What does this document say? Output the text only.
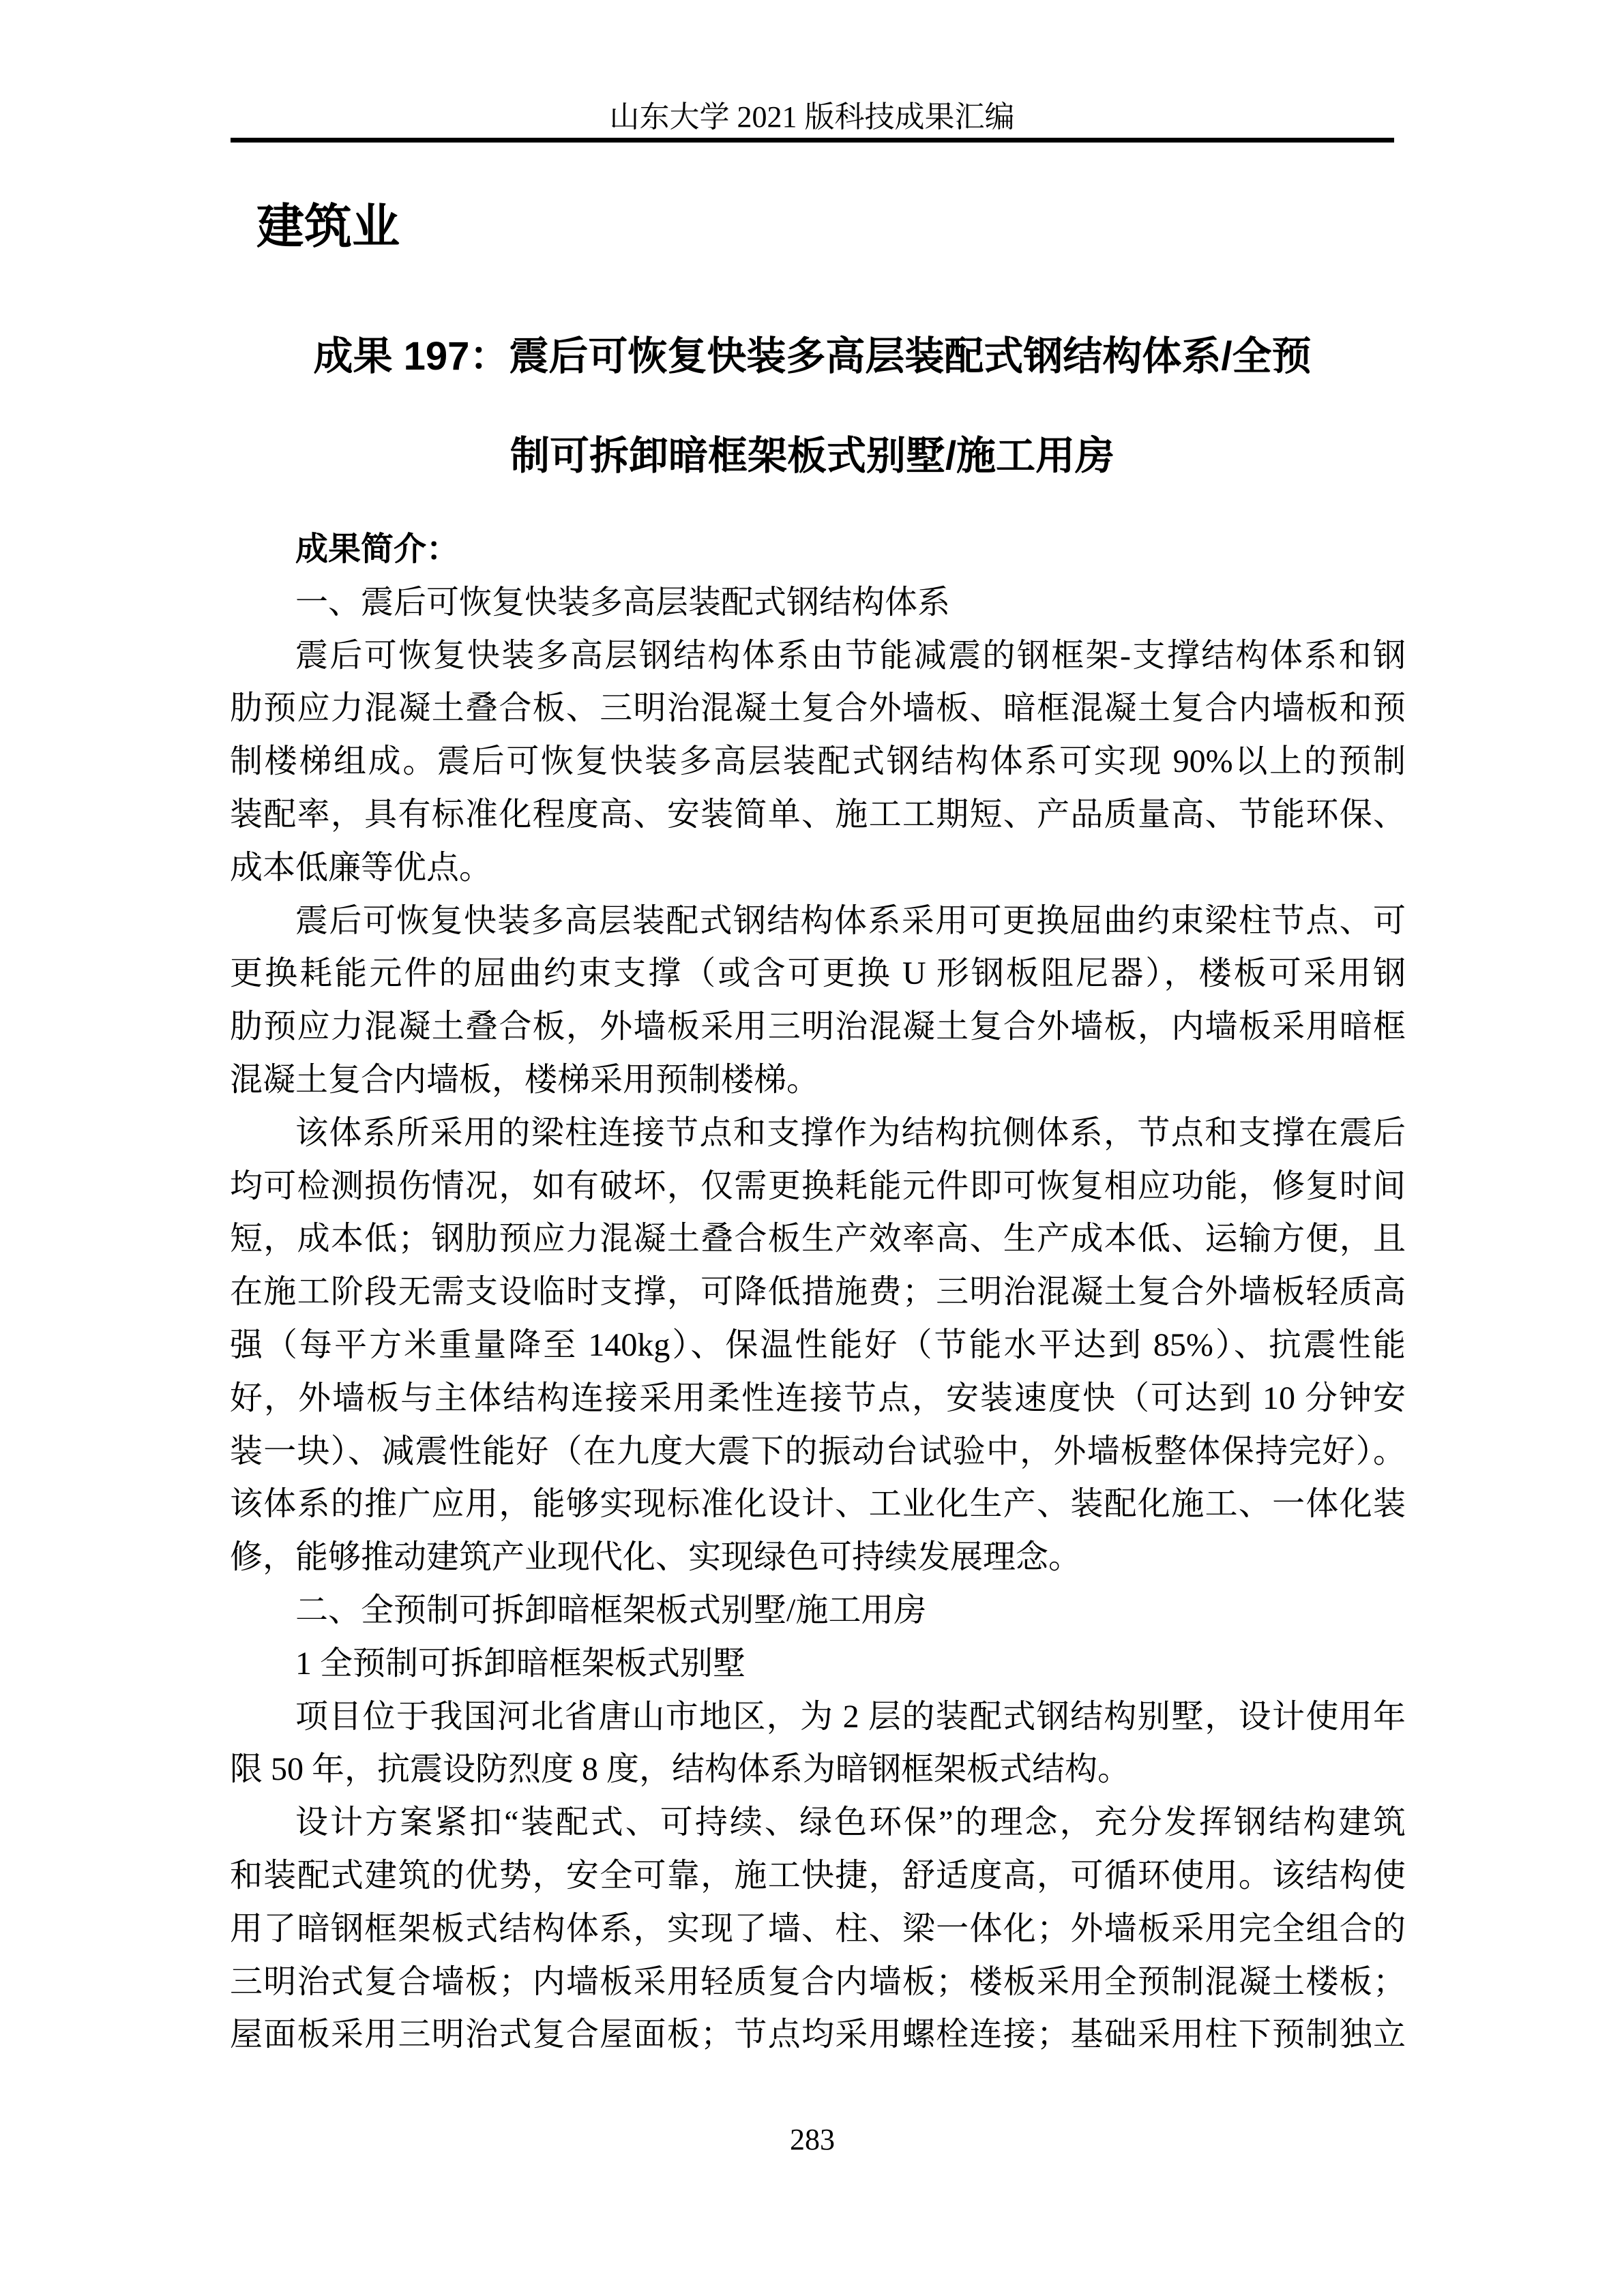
山东大学 2021 版科技成果汇编
建筑业
成果 197：震后可恢复快装多高层装配式钢结构体系/全预
制可拆卸暗框架板式别墅/施工用房
成果简介：
一、震后可恢复快装多高层装配式钢结构体系
震后可恢复快装多高层钢结构体系由节能减震的钢框架-支撑结构体系和钢
肋预应力混凝土叠合板、三明治混凝土复合外墙板、暗框混凝土复合内墙板和预
制楼梯组成。震后可恢复快装多高层装配式钢结构体系可实现 90%以上的预制
装配率，具有标准化程度高、安装简单、施工工期短、产品质量高、节能环保、
成本低廉等优点。
震后可恢复快装多高层装配式钢结构体系采用可更换屈曲约束梁柱节点、可
更换耗能元件的屈曲约束支撑（或含可更换 U 形钢板阻尼器），楼板可采用钢
肋预应力混凝土叠合板，外墙板采用三明治混凝土复合外墙板，内墙板采用暗框
混凝土复合内墙板，楼梯采用预制楼梯。
该体系所采用的梁柱连接节点和支撑作为结构抗侧体系，节点和支撑在震后
均可检测损伤情况，如有破坏，仅需更换耗能元件即可恢复相应功能，修复时间
短，成本低；钢肋预应力混凝土叠合板生产效率高、生产成本低、运输方便，且
在施工阶段无需支设临时支撑，可降低措施费；三明治混凝土复合外墙板轻质高
强（每平方米重量降至 140kg）、保温性能好（节能水平达到 85%）、抗震性能
好，外墙板与主体结构连接采用柔性连接节点，安装速度快（可达到 10 分钟安
装一块）、减震性能好（在九度大震下的振动台试验中，外墙板整体保持完好）。
该体系的推广应用，能够实现标准化设计、工业化生产、装配化施工、一体化装
修，能够推动建筑产业现代化、实现绿色可持续发展理念。
二、全预制可拆卸暗框架板式别墅/施工用房
1 全预制可拆卸暗框架板式别墅
项目位于我国河北省唐山市地区，为 2 层的装配式钢结构别墅，设计使用年
限 50 年，抗震设防烈度 8 度，结构体系为暗钢框架板式结构。
设计方案紧扣“装配式、可持续、绿色环保”的理念，充分发挥钢结构建筑
和装配式建筑的优势，安全可靠，施工快捷，舒适度高，可循环使用。该结构使
用了暗钢框架板式结构体系，实现了墙、柱、梁一体化；外墙板采用完全组合的
三明治式复合墙板；内墙板采用轻质复合内墙板；楼板采用全预制混凝土楼板；
屋面板采用三明治式复合屋面板；节点均采用螺栓连接；基础采用柱下预制独立
283
